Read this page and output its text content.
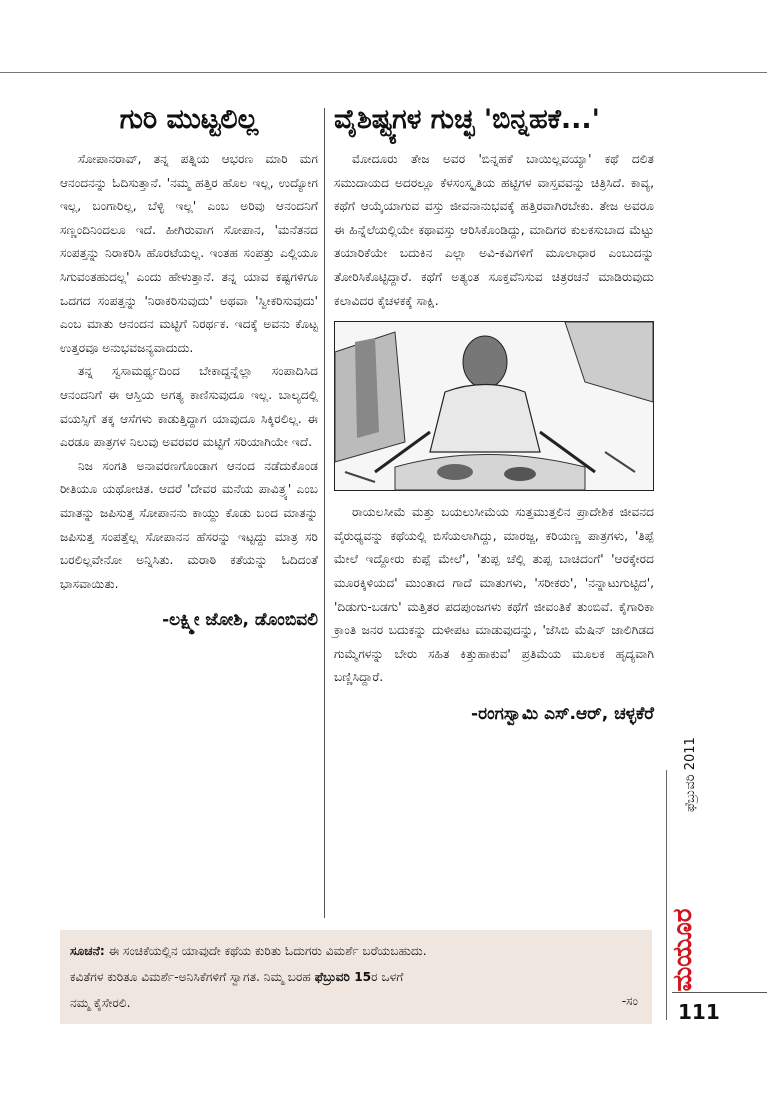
ಗುರಿ ಮುಟ್ಟಲಿಲ್ಲ

ಸೋಪಾನರಾವ್, ತನ್ನ ಪತ್ನಿಯ ಆಭರಣ ಮಾರಿ ಮಗ ಆನಂದನನ್ನು ಓದಿಸುತ್ತಾನೆ. 'ನಮ್ಮ ಹತ್ತಿರ ಹೊಲ ಇಲ್ಲ, ಉದ್ಯೋಗ ಇಲ್ಲ, ಬಂಗಾರಿಲ್ಲ, ಬೆಳ್ಳಿ ಇಲ್ಲ' ಎಂಬ ಅರಿವು ಆನಂದನಿಗೆ ಸಣ್ಣಂದಿನಿಂದಲೂ ಇದೆ. ಹೀಗಿರುವಾಗ ಸೋಪಾನ, 'ಮನೆತನದ ಸಂಪತ್ತನ್ನು ನಿರಾಕರಿಸಿ ಹೊರಟೆಯಲ್ಲ. ಇಂತಹ ಸಂಪತ್ತು ಎಲ್ಲಿಯೂ ಸಿಗುವಂತಹುದಲ್ಲ' ಎಂದು ಹೇಳುತ್ತಾನೆ. ತನ್ನ ಯಾವ ಕಷ್ಟಗಳಿಗೂ ಒದಗದ ಸಂಪತ್ತನ್ನು 'ನಿರಾಕರಿಸುವುದು' ಅಥವಾ 'ಸ್ವೀಕರಿಸುವುದು' ಎಂಬ ಮಾತು ಆನಂದನ ಮಟ್ಟಿಗೆ ನಿರರ್ಥಕ. ಇದಕ್ಕೆ ಅವನು ಕೊಟ್ಟ ಉತ್ತರವೂ ಅನುಭವಜನ್ಯವಾದುದು.

ತನ್ನ ಸ್ವಸಾಮರ್ಥ್ಯದಿಂದ ಬೇಕಾದ್ದನ್ನೆಲ್ಲಾ ಸಂಪಾದಿಸಿದ ಆನಂದನಿಗೆ ಈ ಆಸ್ತಿಯ ಅಗತ್ಯ ಕಾಣಿಸುವುದೂ ಇಲ್ಲ. ಬಾಲ್ಯದಲ್ಲಿ ವಯಸ್ಸಿಗೆ ತಕ್ಕ ಆಸೆಗಳು ಕಾಡುತ್ತಿದ್ದಾಗ ಯಾವುದೂ ಸಿಕ್ಕಿರಲಿಲ್ಲ. ಈ ಎರಡೂ ಪಾತ್ರಗಳ ನಿಲುವು ಅವರವರ ಮಟ್ಟಿಗೆ ಸರಿಯಾಗಿಯೇ ಇದೆ.

ನಿಜ ಸಂಗತಿ ಅನಾವರಣಗೊಂಡಾಗ ಆನಂದ ನಡೆದುಕೊಂಡ ರೀತಿಯೂ ಯಥೋಚಿತ. ಆದರೆ 'ದೇವರ ಮನೆಯ ಪಾವಿತ್ರ್ಯ' ಎಂಬ ಮಾತನ್ನು ಜಪಿಸುತ್ತ ಸೋಪಾನನು ಕಾಯ್ದು ಕೊಡು ಬಂದ ಮಾತನ್ನು ಜಪಿಸುತ್ತ ಸಂಪತ್ತೆಲ್ಲ ಸೋಪಾನನ ಹೆಸರನ್ನು ಇಟ್ಟದ್ದು ಮಾತ್ರ ಸರಿ ಬರಲಿಲ್ಲವೇನೋ ಅನ್ನಿಸಿತು. ಮರಾಠಿ ಕತೆಯನ್ನು ಓದಿದಂತೆ ಭಾಸವಾಯಿತು.

-ಲಕ್ಷ್ಮೀ ಜೋಶಿ, ಡೊಂಬಿವಲಿ
ವೈಶಿಷ್ಟ್ಯಗಳ ಗುಚ್ಛ 'ಬಿನ್ನಹಕೆ...'

ಮೋದೂರು ತೇಜ ಅವರ 'ಬಿನ್ನಹಕೆ ಬಾಯಿಲ್ಲವಯ್ಯಾ' ಕಥೆ ದಲಿತ ಸಮುದಾಯದ ಅದರಲ್ಲೂ ಕೆಳಸಂಸ್ಕೃತಿಯ ಹಟ್ಟಿಗಳ ವಾಸ್ತವವನ್ನು ಚಿತ್ರಿಸಿದೆ. ಕಾವ್ಯ, ಕಥೆಗೆ ಆಯ್ಕೆಯಾಗುವ ವಸ್ತು ಜೀವನಾನುಭವಕ್ಕೆ ಹತ್ತಿರವಾಗಿರಬೇಕು. ತೇಜ ಅವರೂ ಈ ಹಿನ್ನೆಲೆಯಲ್ಲಿಯೇ ಕಥಾವಸ್ತು ಆರಿಸಿಕೊಂಡಿದ್ದು, ಮಾದಿಗರ ಕುಲಕಸುಬಾದ ಮೆಟ್ಟು ತಯಾರಿಕೆಯೇ ಬದುಕಿನ ಎಲ್ಲಾ ಅವಿ-ಕವಿಗಳಿಗೆ ಮೂಲಾಧಾರ ಎಂಬುದನ್ನು ತೋರಿಸಿಕೊಟ್ಟಿದ್ದಾರೆ. ಕಥೆಗೆ ಅತ್ಯಂತ ಸೂಕ್ತವೆನಿಸುವ ಚಿತ್ರರಚನೆ ಮಾಡಿರುವುದು ಕಲಾವಿದರ ಕೈಚಳಕಕ್ಕೆ ಸಾಕ್ಷಿ.

ರಾಯಲಸೀಮೆ ಮತ್ತು ಬಯಲುಸೀಮೆಯ ಸುತ್ತಮುತ್ತಲಿನ ಪ್ರಾದೇಶಿಕ ಜೀವನದ ವೈರುಧ್ಯವನ್ನು ಕಥೆಯಲ್ಲಿ ಬಿಸೆಯಲಾಗಿದ್ದು, ಮಾರಜ್ಜ, ಕರಿಯಣ್ಣ ಪಾತ್ರಗಳು, 'ತಿಪ್ಪೆ ಮೇಲೆ ಇದ್ದೋರು ಕುಪ್ಪೆ ಮೇಲೆ', 'ತುಪ್ಪ ಚೆಲ್ಲಿ ತುಪ್ಪ ಬಾಚಿದಂಗೆ' 'ಆರಕ್ಕೇರದ ಮೂರಕ್ಕಿಳಿಯದ' ಮುಂತಾದ ಗಾದೆ ಮಾತುಗಳು, 'ಸರೀಕರು', 'ನನ್ನಾಟುಗುಟ್ಟಿದ', 'ದಿಡುಗು-ಬಡಗು' ಮತ್ತಿತರ ಪದಪುಂಜಗಳು ಕಥೆಗೆ ಜೀವಂತಿಕೆ ತುಂಬಿವೆ. ಕೈಗಾರಿಕಾ ಕ್ರಾಂತಿ ಜನರ ಬದುಕನ್ನು ದುಳೀಪಟ ಮಾಡುವುದನ್ನು, 'ಜೆಸಿಬಿ ಮೆಷಿನ್ ಜಾಲಿಗಿಡದ ಗುಮ್ಮೆಗಳನ್ನು ಬೇರು ಸಹಿತ ಕಿತ್ತುಹಾಕುವ' ಪ್ರತಿಮೆಯ ಮೂಲಕ ಹೃದ್ಯವಾಗಿ ಬಣ್ಣಿಸಿದ್ದಾರೆ.

-ರಂಗಸ್ವಾಮಿ ಎಸ್.ಆರ್, ಚಳ್ಳಕೆರೆ
ಸೂಚನೆ: ಈ ಸಂಚಿಕೆಯಲ್ಲಿನ ಯಾವುದೇ ಕಥೆಯ ಕುರಿತು ಓದುಗರು ವಿಮರ್ಶೆ ಬರೆಯಬಹುದು.
ಕವಿತೆಗಳ ಕುರಿತೂ ವಿಮರ್ಶೆ-ಅನಿಸಿಕೆಗಳಿಗೆ ಸ್ವಾಗತ. ನಿಮ್ಮ ಬರಹ ಫೆಬ್ರುವರಿ 15ರ ಒಳಗೆ
ನಮ್ಮ ಕೈಸೇರಲಿ.	-ಸಂ
ಫೆಬ್ರುವರಿ 2011
ಮಯೂರ
111
